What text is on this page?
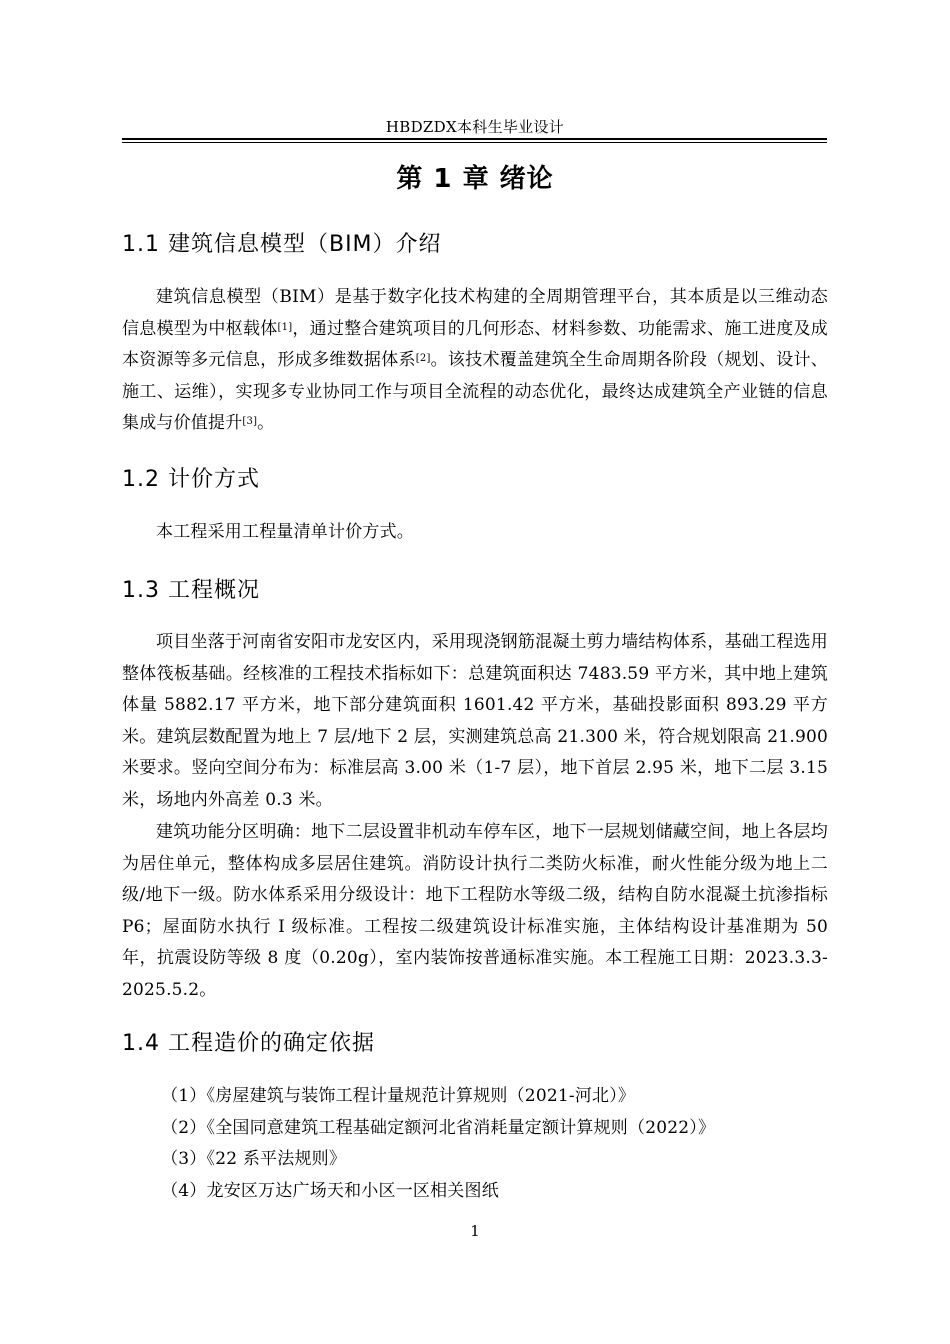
HBDZDX本科生毕业设计
第 1 章 绪论
1.1 建筑信息模型（BIM）介绍

建筑信息模型（BIM）是基于数字化技术构建的全周期管理平台，其本质是以三维动态信息模型为中枢载体[1]，通过整合建筑项目的几何形态、材料参数、功能需求、施工进度及成本资源等多元信息，形成多维数据体系[2]。该技术覆盖建筑全生命周期各阶段（规划、设计、施工、运维），实现多专业协同工作与项目全流程的动态优化，最终达成建筑全产业链的信息集成与价值提升[3]。

1.2 计价方式

本工程采用工程量清单计价方式。

1.3 工程概况

项目坐落于河南省安阳市龙安区内，采用现浇钢筋混凝土剪力墙结构体系，基础工程选用整体筏板基础。经核准的工程技术指标如下：总建筑面积达 7483.59 平方米，其中地上建筑体量 5882.17 平方米，地下部分建筑面积 1601.42 平方米，基础投影面积 893.29 平方米。建筑层数配置为地上 7 层/地下 2 层，实测建筑总高 21.300 米，符合规划限高 21.900 米要求。竖向空间分布为：标准层高 3.00 米（1-7 层），地下首层 2.95 米，地下二层 3.15 米，场地内外高差 0.3 米。

建筑功能分区明确：地下二层设置非机动车停车区，地下一层规划储藏空间，地上各层均为居住单元，整体构成多层居住建筑。消防设计执行二类防火标准，耐火性能分级为地上二级/地下一级。防水体系采用分级设计：地下工程防水等级二级，结构自防水混凝土抗渗指标 P6；屋面防水执行 I 级标准。工程按二级建筑设计标准实施，主体结构设计基准期为 50 年，抗震设防等级 8 度（0.20g），室内装饰按普通标准实施。本工程施工日期：2023.3.3-2025.5.2。

1.4 工程造价的确定依据
（1）《房屋建筑与装饰工程计量规范计算规则（2021-河北）》
（2）《全国同意建筑工程基础定额河北省消耗量定额计算规则（2022）》
（3）《22 系平法规则》
（4）龙安区万达广场天和小区一区相关图纸
1
